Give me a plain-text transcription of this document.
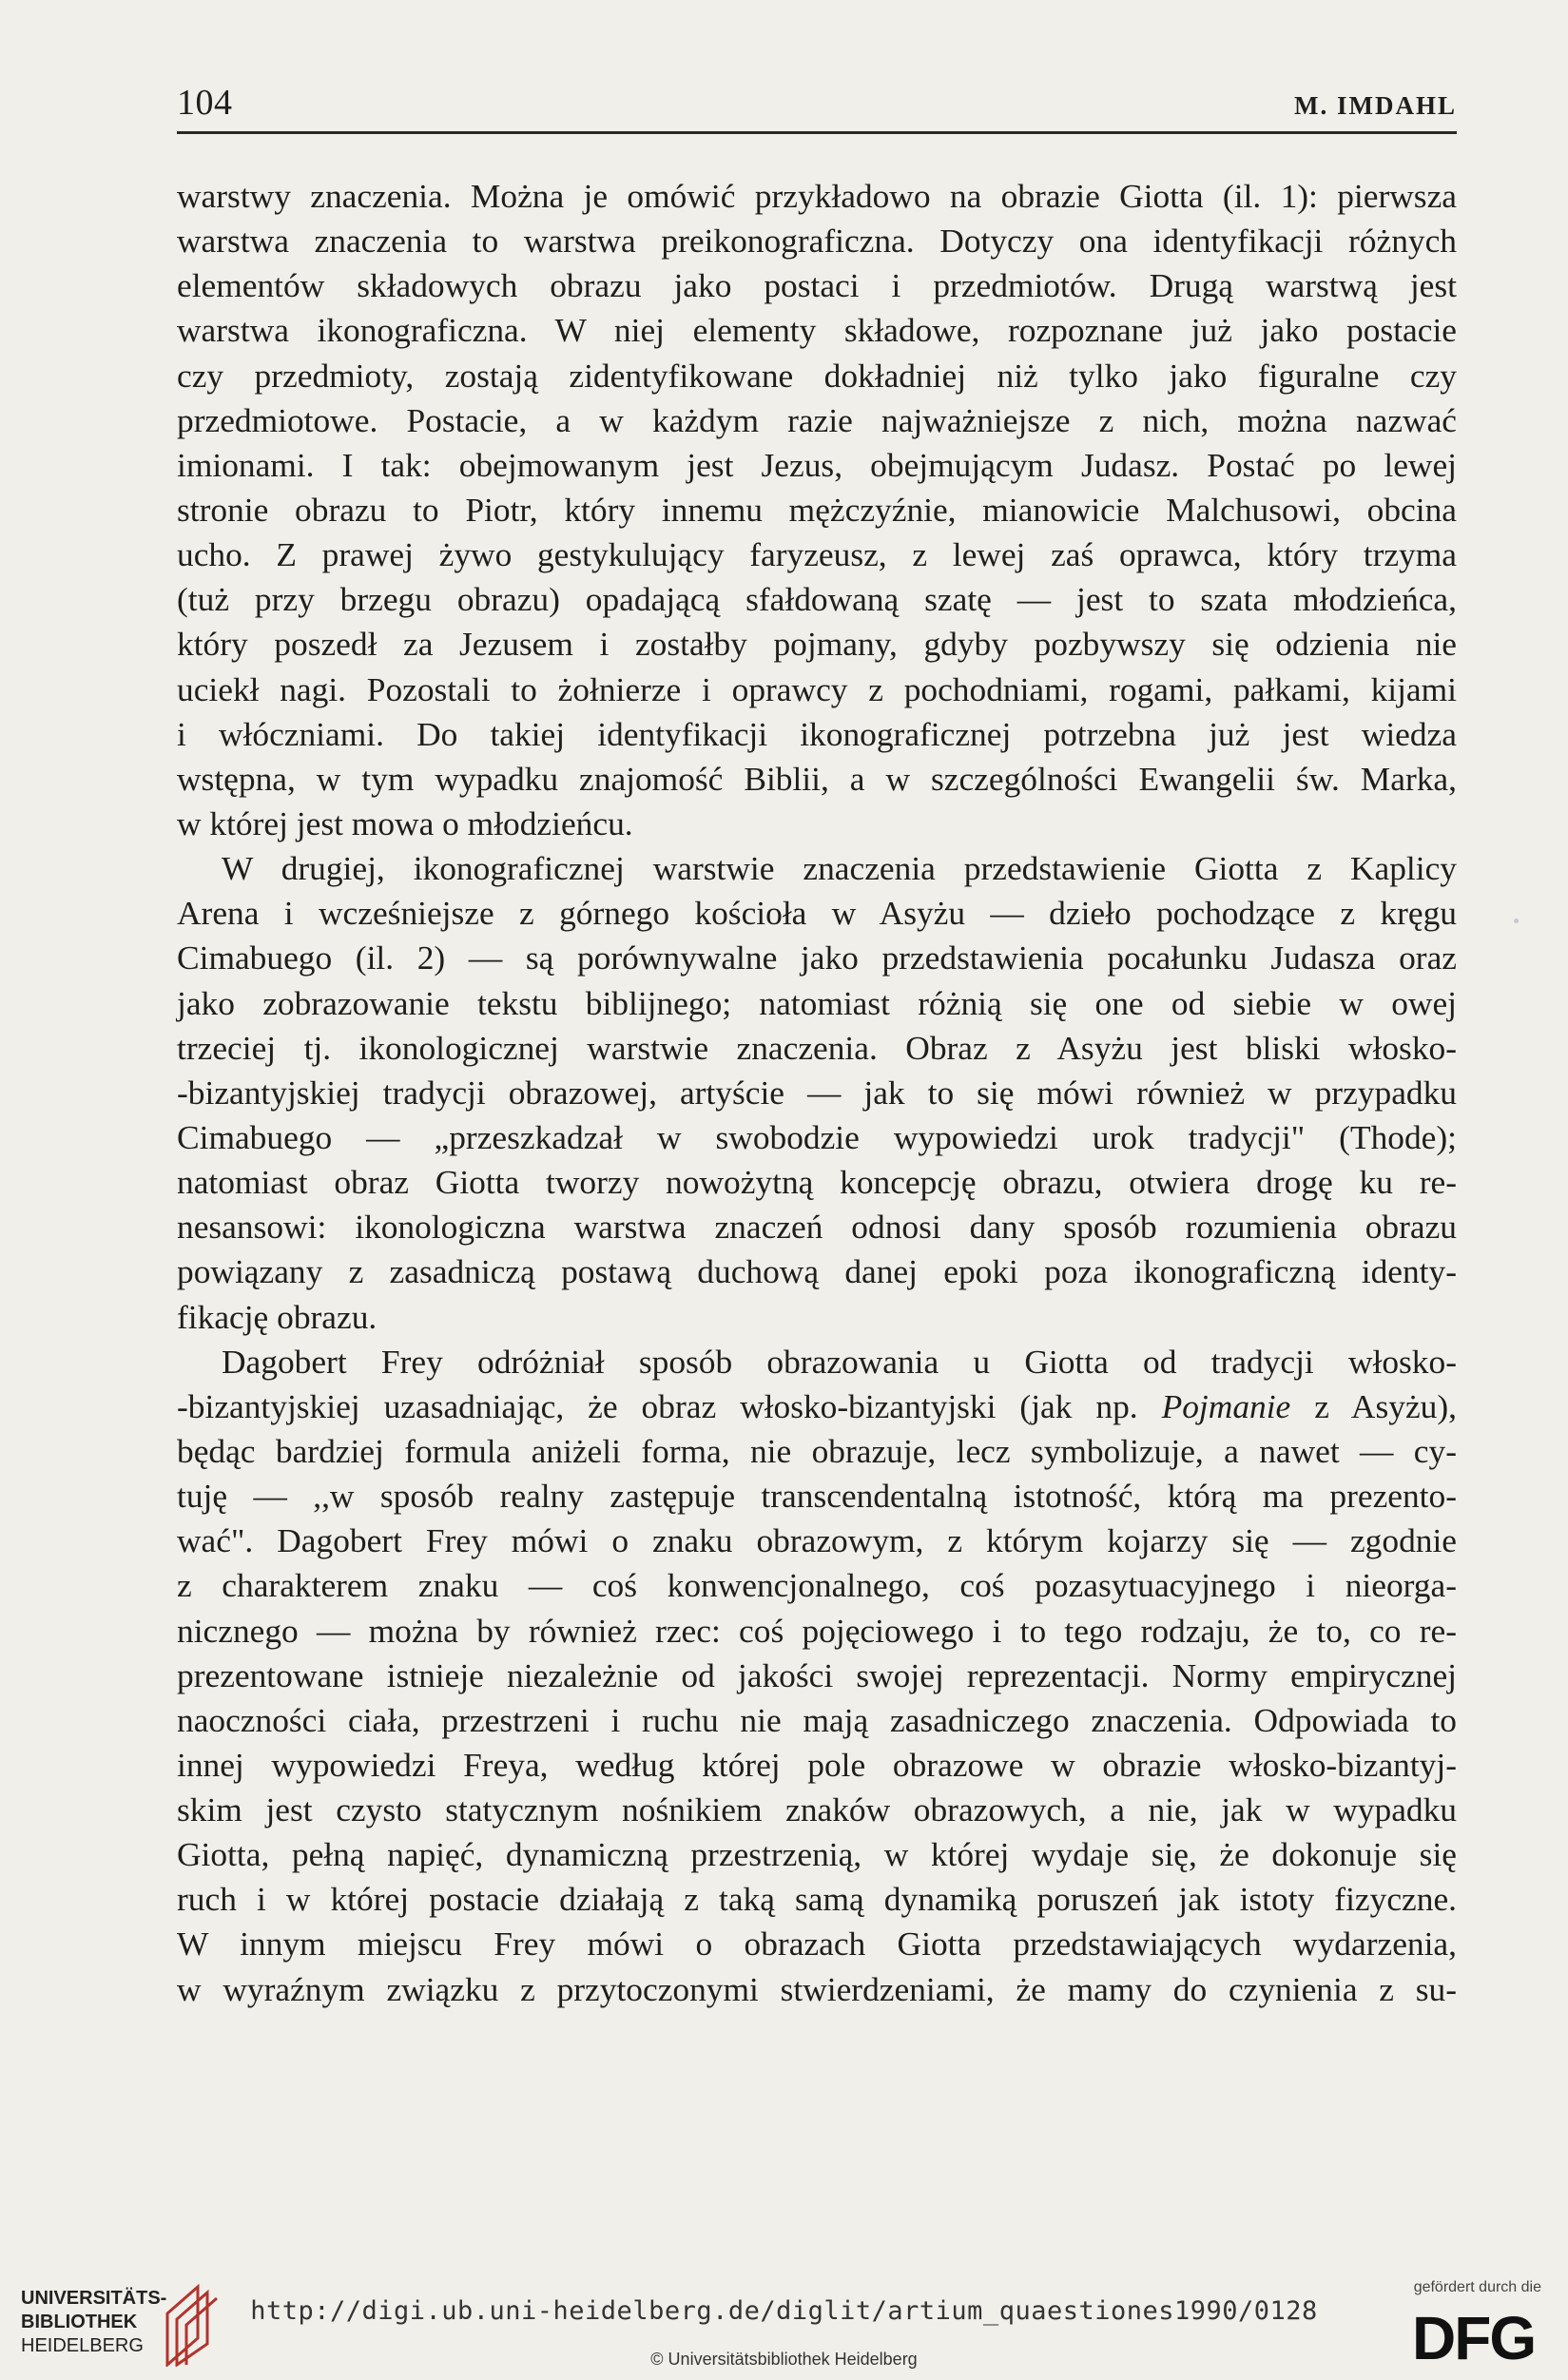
104	M. IMDAHL
warstwy znaczenia. Można je omówić przykładowo na obrazie Giotta (il. 1): pierwsza
warstwa znaczenia to warstwa preikonograficzna. Dotyczy ona identyfikacji różnych
elementów składowych obrazu jako postaci i przedmiotów. Drugą warstwą jest
warstwa ikonograficzna. W niej elementy składowe, rozpoznane już jako postacie
czy przedmioty, zostają zidentyfikowane dokładniej niż tylko jako figuralne czy
przedmiotowe. Postacie, a w każdym razie najważniejsze z nich, można nazwać
imionami. I tak: obejmowanym jest Jezus, obejmującym Judasz. Postać po lewej
stronie obrazu to Piotr, który innemu mężczyźnie, mianowicie Malchusowi, obcina
ucho. Z prawej żywo gestykulujący faryzeusz, z lewej zaś oprawca, który trzyma
(tuż przy brzegu obrazu) opadającą sfałdowaną szatę — jest to szata młodzieńca,
który poszedł za Jezusem i zostałby pojmany, gdyby pozbywszy się odzienia nie
uciekł nagi. Pozostali to żołnierze i oprawcy z pochodniami, rogami, pałkami, kijami
i włóczniami. Do takiej identyfikacji ikonograficznej potrzebna już jest wiedza
wstępna, w tym wypadku znajomość Biblii, a w szczególności Ewangelii św. Marka,
w której jest mowa o młodzieńcu.
W drugiej, ikonograficznej warstwie znaczenia przedstawienie Giotta z Kaplicy
Arena i wcześniejsze z górnego kościoła w Asyżu — dzieło pochodzące z kręgu
Cimabuego (il. 2) — są porównywalne jako przedstawienia pocałunku Judasza oraz
jako zobrazowanie tekstu biblijnego; natomiast różnią się one od siebie w owej
trzeciej tj. ikonologicznej warstwie znaczenia. Obraz z Asyżu jest bliski włosko-
-bizantyjskiej tradycji obrazowej, artyście — jak to się mówi również w przypadku
Cimabuego — „przeszkadzał w swobodzie wypowiedzi urok tradycji" (Thode);
natomiast obraz Giotta tworzy nowożytną koncepcję obrazu, otwiera drogę ku re-
nesansowi: ikonologiczna warstwa znaczeń odnosi dany sposób rozumienia obrazu
powiązany z zasadniczą postawą duchową danej epoki poza ikonograficzną identy-
fikację obrazu.
Dagobert Frey odróżniał sposób obrazowania u Giotta od tradycji włosko-
-bizantyjskiej uzasadniając, że obraz włosko-bizantyjski (jak np. Pojmanie z Asyżu),
będąc bardziej formula aniżeli forma, nie obrazuje, lecz symbolizuje, a nawet — cy-
tuję — ,,w sposób realny zastępuje transcendentalną istotność, którą ma prezento-
wać". Dagobert Frey mówi o znaku obrazowym, z którym kojarzy się — zgodnie
z charakterem znaku — coś konwencjonalnego, coś pozasytuacyjnego i nieorga-
nicznego — można by również rzec: coś pojęciowego i to tego rodzaju, że to, co re-
prezentowane istnieje niezależnie od jakości swojej reprezentacji. Normy empirycznej
naoczności ciała, przestrzeni i ruchu nie mają zasadniczego znaczenia. Odpowiada to
innej wypowiedzi Freya, według której pole obrazowe w obrazie włosko-bizantyj-
skim jest czysto statycznym nośnikiem znaków obrazowych, a nie, jak w wypadku
Giotta, pełną napięć, dynamiczną przestrzenią, w której wydaje się, że dokonuje się
ruch i w której postacie działają z taką samą dynamiką poruszeń jak istoty fizyczne.
W innym miejscu Frey mówi o obrazach Giotta przedstawiających wydarzenia,
w wyraźnym związku z przytoczonymi stwierdzeniami, że mamy do czynienia z su-
UNIVERSITÄTS-
BIBLIOTHEK
HEIDELBERG
http://digi.ub.uni-heidelberg.de/diglit/artium_quaestiones1990/0128
© Universitätsbibliothek Heidelberg
gefördert durch die
DFG
